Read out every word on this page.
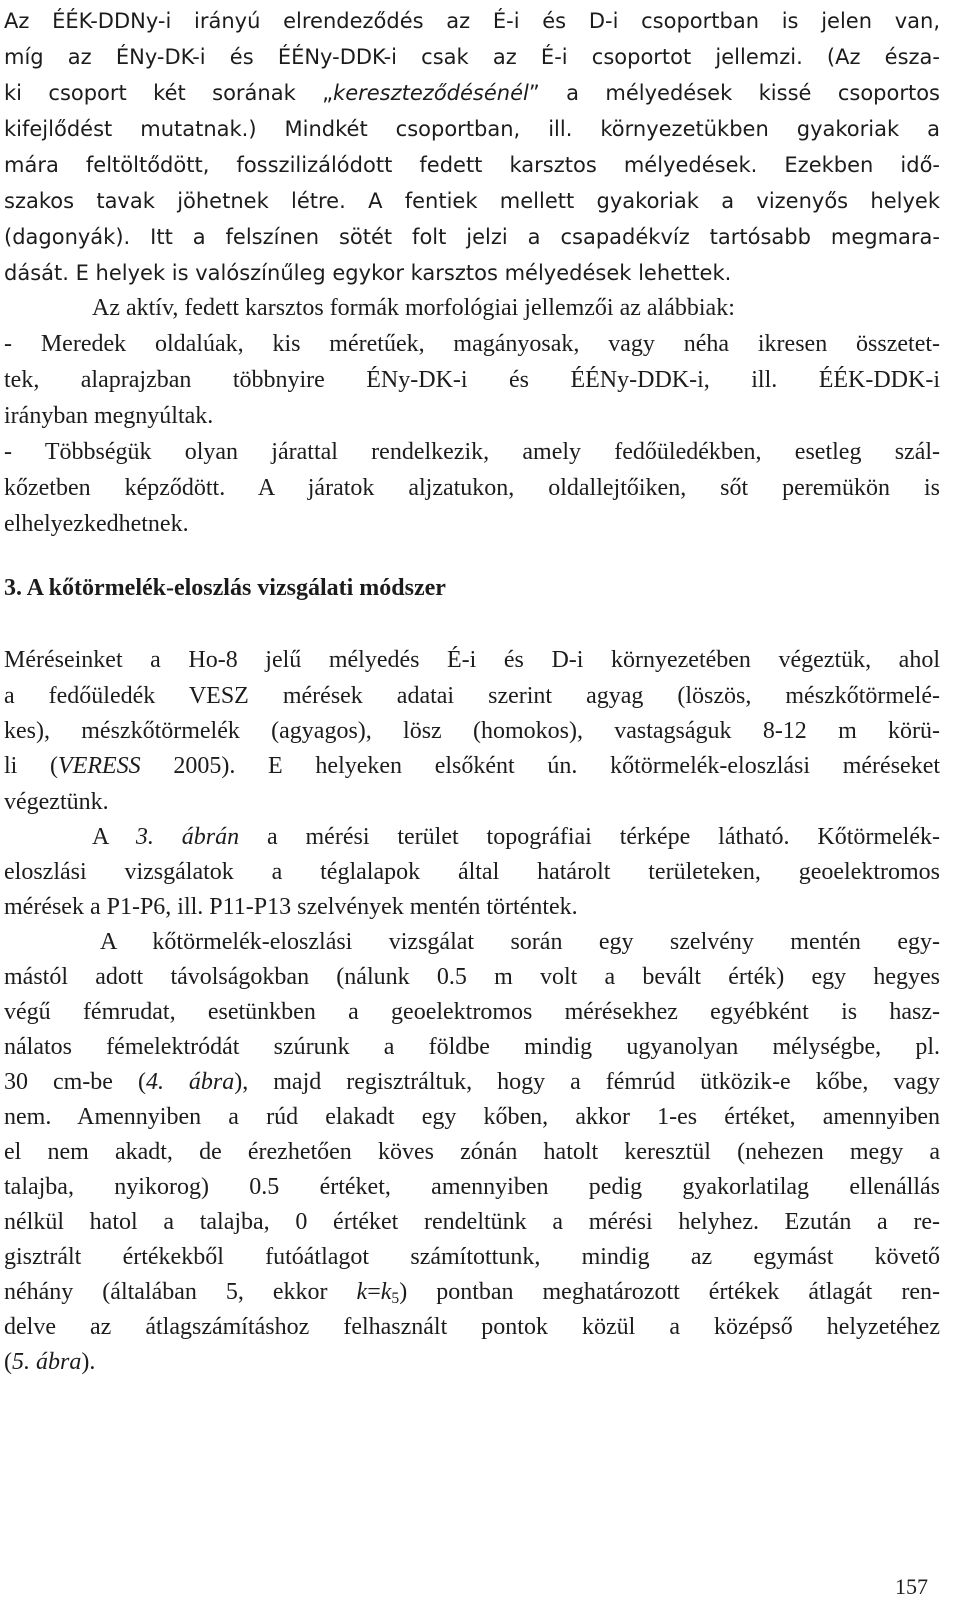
Az ÉÉK-DDNy-i irányú elrendeződés az É-i és D-i csoportban is jelen van,

míg az ÉNy-DK-i és ÉÉNy-DDK-i csak az É-i csoportot jellemzi. (Az észa-

ki csoport két sorának „kereszteződésénél” a mélyedések kissé csoportos

kifejlődést mutatnak.) Mindkét csoportban, ill. környezetükben gyakoriak a

mára feltöltődött, fosszilizálódott fedett karsztos mélyedések. Ezekben idő-

szakos tavak jöhetnek létre. A fentiek mellett gyakoriak a vizenyős helyek

(dagonyák). Itt a felszínen sötét folt jelzi a csapadékvíz tartósabb megmara-

dását. E helyek is valószínűleg egykor karsztos mélyedések lehettek.

Az aktív, fedett karsztos formák morfológiai jellemzői az alábbiak:

- Meredek oldalúak, kis méretűek, magányosak, vagy néha ikresen összetet-

tek, alaprajzban többnyire ÉNy-DK-i és ÉÉNy-DDK-i, ill. ÉÉK-DDK-i

irányban megnyúltak.

- Többségük olyan járattal rendelkezik, amely fedőüledékben, esetleg szál-

kőzetben képződött. A járatok aljzatukon, oldallejtőiken, sőt peremükön is

elhelyezkedhetnek.

3. A kőtörmelék-eloszlás vizsgálati módszer

Méréseinket a Ho-8 jelű mélyedés É-i és D-i környezetében végeztük, ahol

a fedőüledék VESZ mérések adatai szerint agyag (löszös, mészkőtörmelé-

kes), mészkőtörmelék (agyagos), lösz (homokos), vastagságuk 8-12 m körü-

li (VERESS 2005). E helyeken elsőként ún. kőtörmelék-eloszlási méréseket

végeztünk.

A 3. ábrán a mérési terület topográfiai térképe látható. Kőtörmelék-

eloszlási vizsgálatok a téglalapok által határolt területeken, geoelektromos

mérések a P1-P6, ill. P11-P13 szelvények mentén történtek.

A kőtörmelék-eloszlási vizsgálat során egy szelvény mentén egy-

mástól adott távolságokban (nálunk 0.5 m volt a bevált érték) egy hegyes

végű fémrudat, esetünkben a geoelektromos mérésekhez egyébként is hasz-

nálatos fémelektródát szúrunk a földbe mindig ugyanolyan mélységbe, pl.

30 cm-be (4. ábra), majd regisztráltuk, hogy a fémrúd ütközik-e kőbe, vagy

nem. Amennyiben a rúd elakadt egy kőben, akkor 1-es értéket, amennyiben

el nem akadt, de érezhetően köves zónán hatolt keresztül (nehezen megy a

talajba, nyikorog) 0.5 értéket, amennyiben pedig gyakorlatilag ellenállás

nélkül hatol a talajba, 0 értéket rendeltünk a mérési helyhez. Ezután a re-

gisztrált értékekből futóátlagot számítottunk, mindig az egymást követő

néhány (általában 5, ekkor $k=k_5$) pontban meghatározott értékek átlagát ren-

delve az átlagszámításhoz felhasznált pontok közül a középső helyzetéhez

(5. ábra).

157
